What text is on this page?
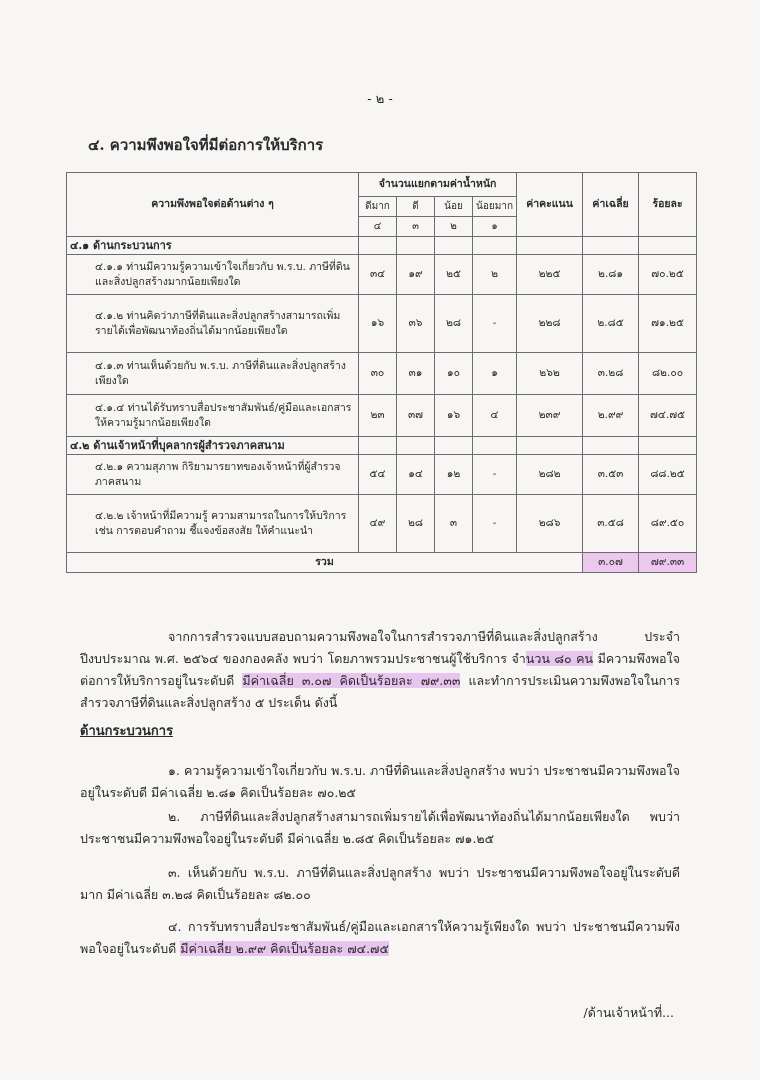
- ๒ -
๔. ความพึงพอใจที่มีต่อการให้บริการ
ความพึงพอใจต่อด้านต่าง ๆ	จำนวนแยกตามค่าน้ำหนัก				ค่าคะแนน	ค่าเฉลี่ย	ร้อยละ
	ดีมาก	ดี	น้อย	น้อยมาก			
	๔	๓	๒	๑			
๔.๑ ด้านกระบวนการ							
๔.๑.๑ ท่านมีความรู้ความเข้าใจเกี่ยวกับ พ.ร.บ. ภาษีที่ดินและสิ่งปลูกสร้างมากน้อยเพียงใด	๓๔	๑๙	๒๕	๒	๒๒๕	๒.๘๑	๗๐.๒๕
๔.๑.๒ ท่านคิดว่าภาษีที่ดินและสิ่งปลูกสร้างสามารถเพิ่มรายได้เพื่อพัฒนาท้องถิ่นได้มากน้อยเพียงใด	๑๖	๓๖	๒๘	-	๒๒๘	๒.๘๕	๗๑.๒๕
๔.๑.๓ ท่านเห็นด้วยกับ พ.ร.บ. ภาษีที่ดินและสิ่งปลูกสร้างเพียงใด	๓๐	๓๑	๑๐	๑	๒๖๒	๓.๒๘	๘๒.๐๐
๔.๑.๔ ท่านได้รับทราบสื่อประชาสัมพันธ์/คู่มือและเอกสารให้ความรู้มากน้อยเพียงใด	๒๓	๓๗	๑๖	๔	๒๓๙	๒.๙๙	๗๔.๗๕
๔.๒ ด้านเจ้าหน้าที่บุคลากรผู้สำรวจภาคสนาม							
๔.๒.๑ ความสุภาพ กิริยามารยาทของเจ้าหน้าที่ผู้สำรวจภาคสนาม	๕๔	๑๔	๑๒	-	๒๘๒	๓.๕๓	๘๘.๒๕
๔.๒.๒ เจ้าหน้าที่มีความรู้ ความสามารถในการให้บริการ เช่น การตอบคำถาม ชี้แจงข้อสงสัย ให้คำแนะนำ	๔๙	๒๘	๓	-	๒๘๖	๓.๕๘	๘๙.๕๐
รวม						๓.๐๗	๗๙.๓๓
จากการสำรวจแบบสอบถามความพึงพอใจในการสำรวจภาษีที่ดินและสิ่งปลูกสร้าง ประจำปีงบประมาณ พ.ศ. ๒๕๖๔ ของกองคลัง พบว่า โดยภาพรวมประชาชนผู้ใช้บริการ จำนวน ๘๐ คน มีความพึงพอใจต่อการให้บริการอยู่ในระดับดี มีค่าเฉลี่ย ๓.๐๗ คิดเป็นร้อยละ ๗๙.๓๓ และทำการประเมินความพึงพอใจในการสำรวจภาษีที่ดินและสิ่งปลูกสร้าง ๕ ประเด็น ดังนี้
ด้านกระบวนการ
๑. ความรู้ความเข้าใจเกี่ยวกับ พ.ร.บ. ภาษีที่ดินและสิ่งปลูกสร้าง พบว่า ประชาชนมีความพึงพอใจอยู่ในระดับดี มีค่าเฉลี่ย ๒.๘๑ คิดเป็นร้อยละ ๗๐.๒๕
๒. ภาษีที่ดินและสิ่งปลูกสร้างสามารถเพิ่มรายได้เพื่อพัฒนาท้องถิ่นได้มากน้อยเพียงใด พบว่า ประชาชนมีความพึงพอใจอยู่ในระดับดี มีค่าเฉลี่ย ๒.๘๕ คิดเป็นร้อยละ ๗๑.๒๕
๓. เห็นด้วยกับ พ.ร.บ. ภาษีที่ดินและสิ่งปลูกสร้าง พบว่า ประชาชนมีความพึงพอใจอยู่ในระดับดีมาก มีค่าเฉลี่ย ๓.๒๘ คิดเป็นร้อยละ ๘๒.๐๐
๔. การรับทราบสื่อประชาสัมพันธ์/คู่มือและเอกสารให้ความรู้เพียงใด พบว่า ประชาชนมีความพึงพอใจอยู่ในระดับดี มีค่าเฉลี่ย ๒.๙๙ คิดเป็นร้อยละ ๗๔.๗๕
/ด้านเจ้าหน้าที่...
